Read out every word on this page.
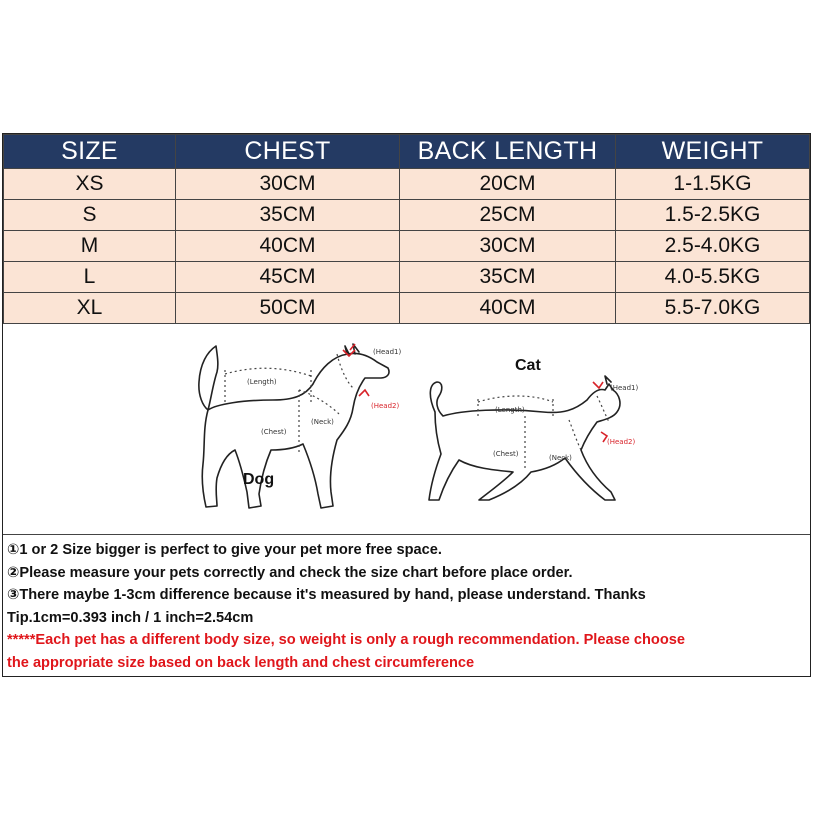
SIZE	CHEST	BACK LENGTH	WEIGHT
XS	30CM	20CM	1-1.5KG
S	35CM	25CM	1.5-2.5KG
M	40CM	30CM	2.5-4.0KG
L	45CM	35CM	4.0-5.5KG
XL	50CM	40CM	5.5-7.0KG
(Length)
(Chest)
(Neck)
(Head1)
(Head2)	(Length)
(Chest)	(Neck)
(Head1)
(Head2)
Dog
Cat
①1 or 2 Size bigger is perfect to give your pet more free space.
②Please measure your pets correctly and check the size chart before place order.
③There maybe 1-3cm difference because it's measured by hand, please understand. Thanks
Tip.1cm=0.393 inch / 1 inch=2.54cm
*****Each pet has a different body size, so weight is only a rough recommendation. Please choose
the appropriate size based on back length and chest circumference
